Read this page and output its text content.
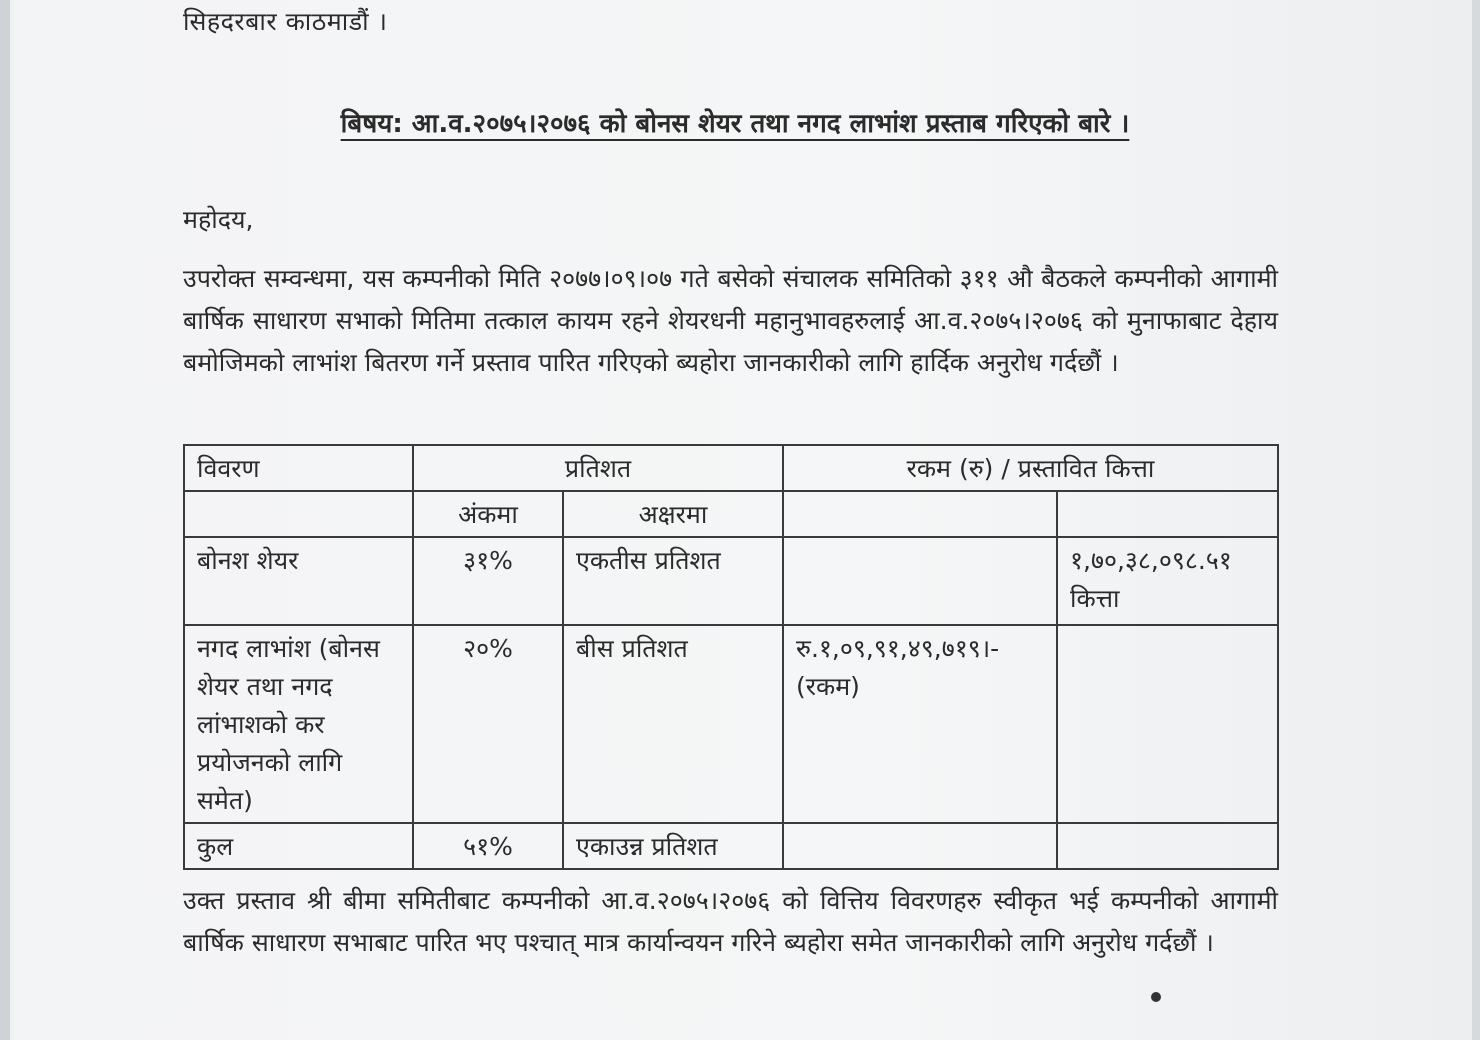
सिहदरबार काठमाडौं ।
बिषय: आ.व.२०७५।२०७६ को बोनस शेयर तथा नगद लाभांश प्रस्ताब गरिएको बारे ।
महोदय,
उपरोक्त सम्वन्धमा, यस कम्पनीको मिति २०७७।०९।०७ गते बसेको संचालक समितिको ३११ औ बैठकले कम्पनीको आगामी बार्षिक साधारण सभाको मितिमा तत्काल कायम रहने शेयरधनी महानुभावहरुलाई आ.व.२०७५।२०७६ को मुनाफाबाट देहाय बमोजिमको लाभांश बितरण गर्ने प्रस्ताव पारित गरिएको ब्यहोरा जानकारीको लागि हार्दिक अनुरोध गर्दछौं ।
विवरण	प्रतिशत		रकम (रु) / प्रस्तावित कित्ता	
	अंकमा	अक्षरमा		
बोनश शेयर	३१%	एकतीस प्रतिशत		१,७०,३८,०९८.५१ कित्ता
नगद लाभांश (बोनस शेयर तथा नगद लांभाशको कर प्रयोजनको लागि समेत)	२०%	बीस प्रतिशत	रु.१,०९,९१,४९,७१९।- (रकम)	
कुल	५१%	एकाउन्न प्रतिशत		
उक्त प्रस्ताव श्री बीमा समितीबाट कम्पनीको आ.व.२०७५।२०७६ को वित्तिय विवरणहरु स्वीकृत भई कम्पनीको आगामी बार्षिक साधारण सभाबाट पारित भए पश्चात् मात्र कार्यान्वयन गरिने ब्यहोरा समेत जानकारीको लागि अनुरोध गर्दछौं ।
